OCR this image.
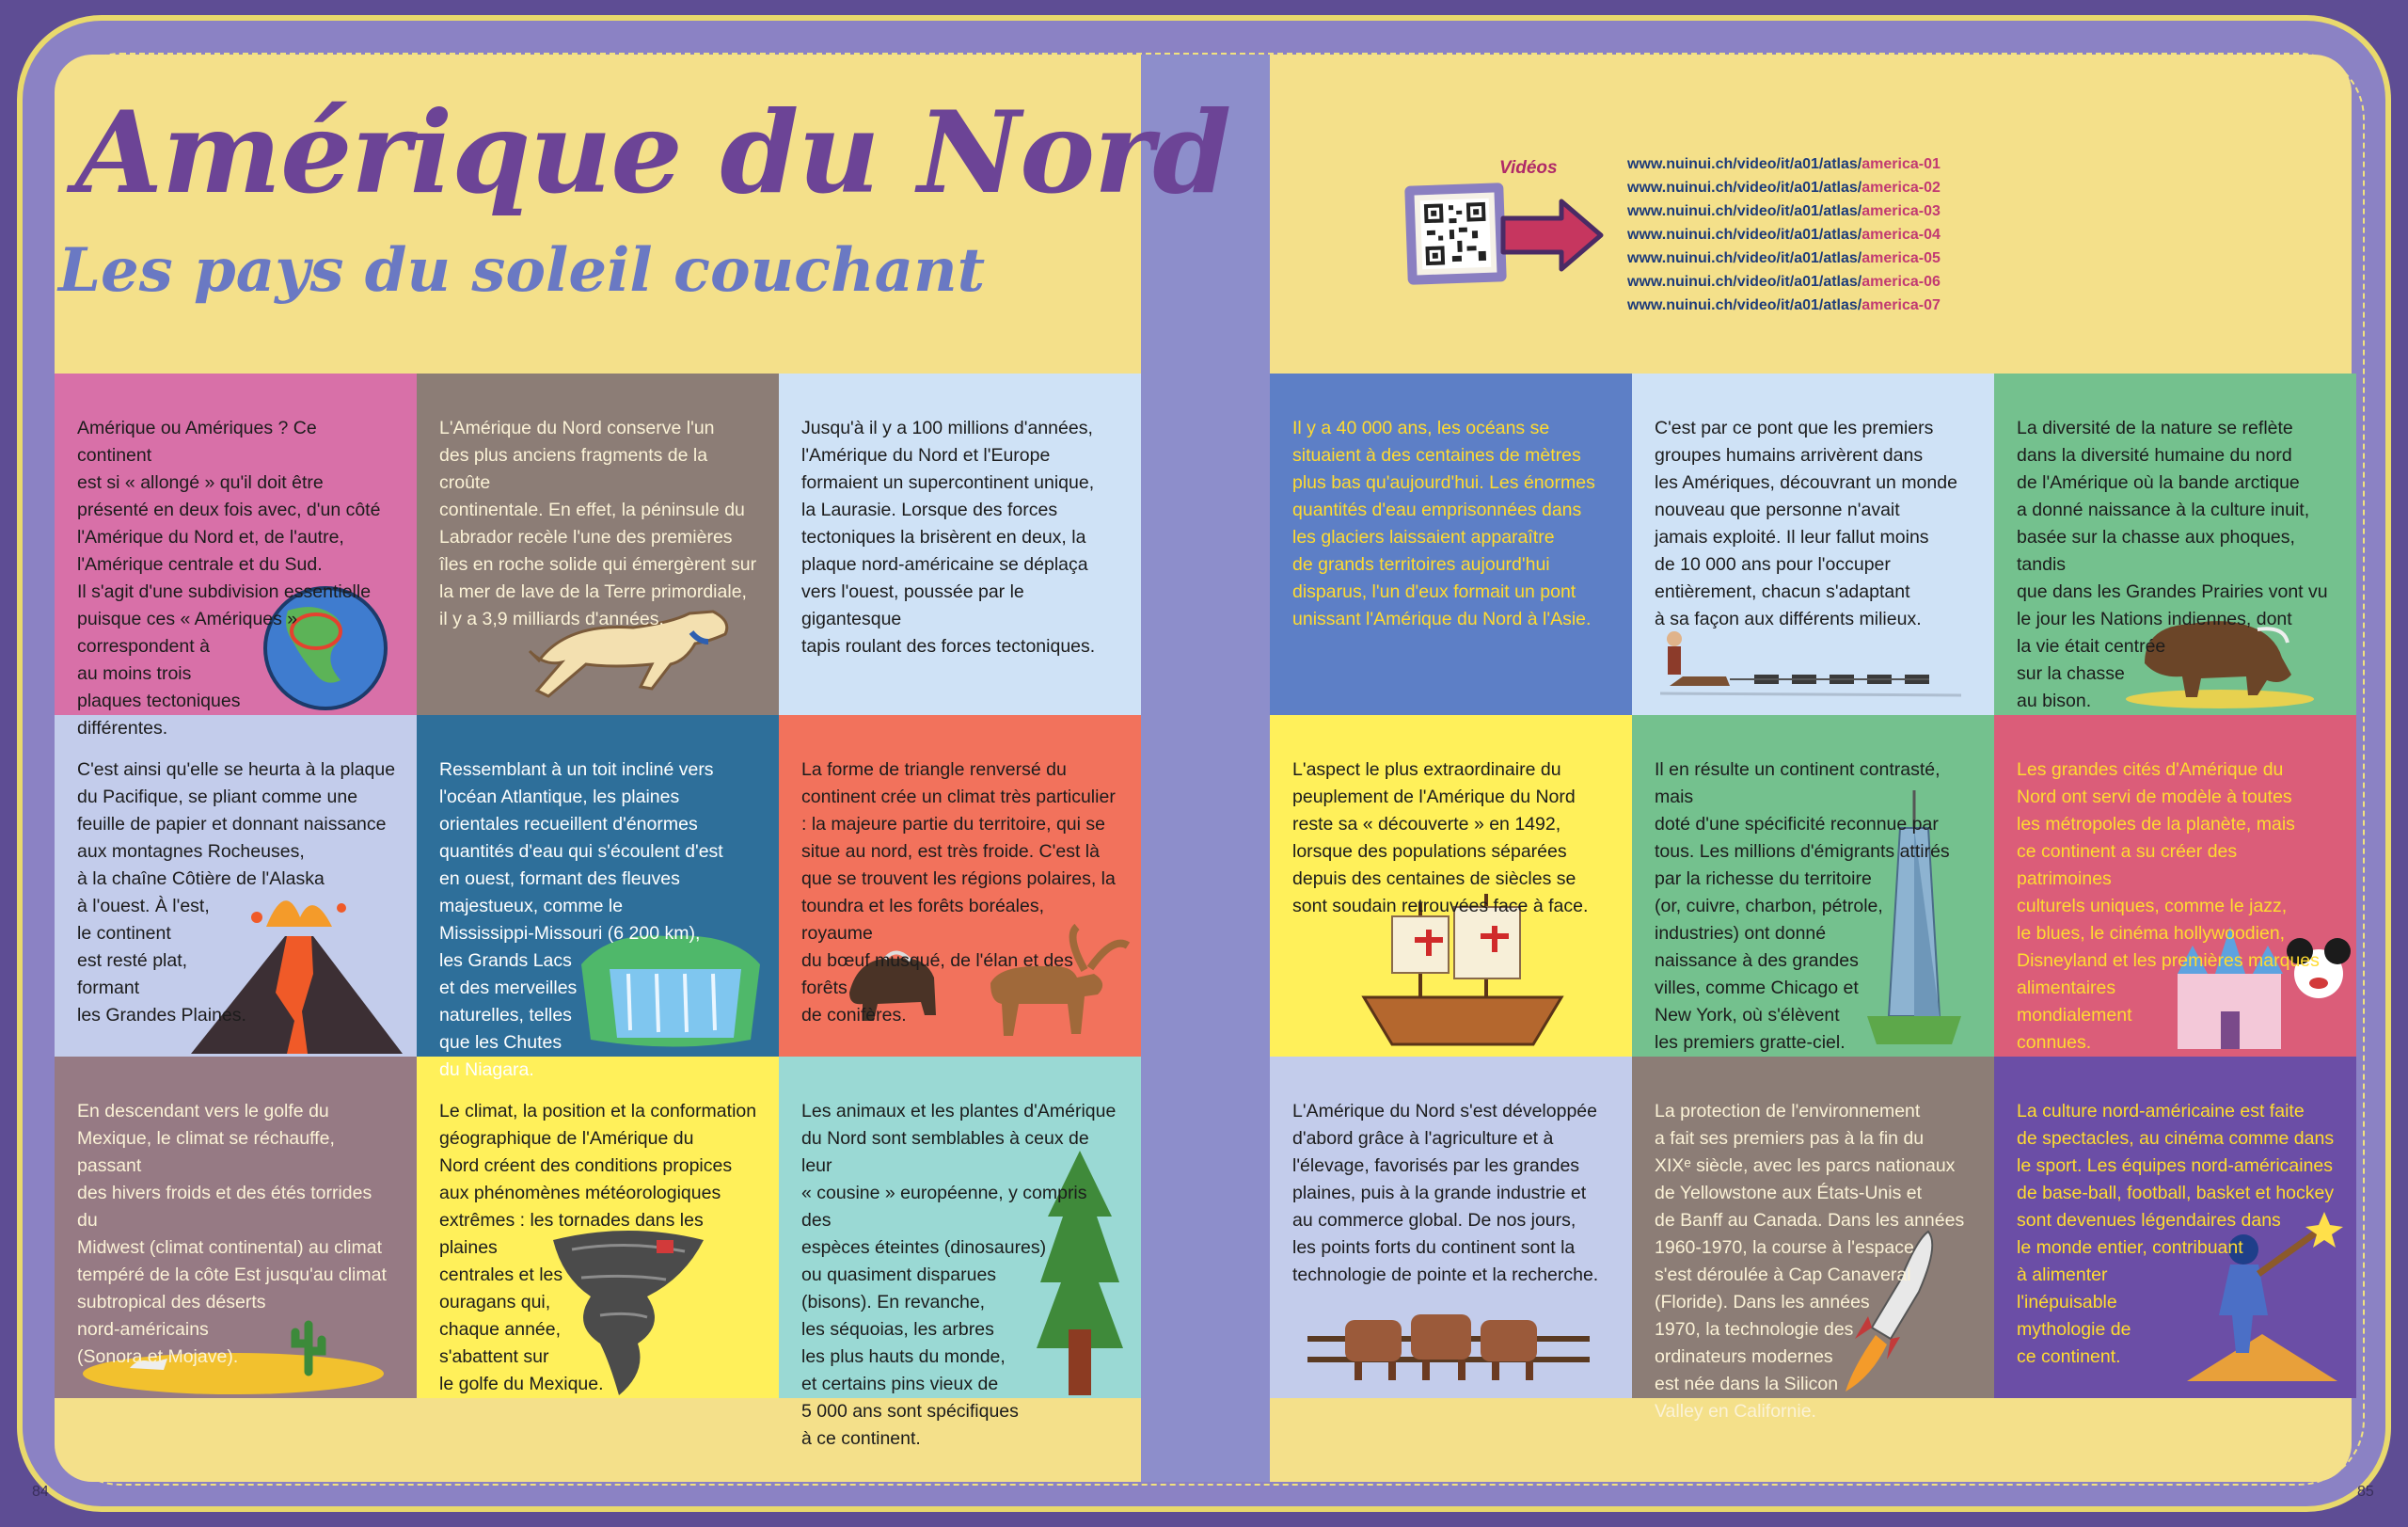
Amérique du Nord
Les pays du soleil couchant
Vidéos	www.nuinui.ch/video/it/a01/atlas/america-01
www.nuinui.ch/video/it/a01/atlas/america-02
www.nuinui.ch/video/it/a01/atlas/america-03
www.nuinui.ch/video/it/a01/atlas/america-04
www.nuinui.ch/video/it/a01/atlas/america-05
www.nuinui.ch/video/it/a01/atlas/america-06
www.nuinui.ch/video/it/a01/atlas/america-07

Amérique ou Amériques ? Ce continent
est si « allongé » qu'il doit être
présenté en deux fois avec, d'un côté
l'Amérique du Nord et, de l'autre,
l'Amérique centrale et du Sud.
Il s'agit d'une subdivision essentielle
puisque ces « Amériques »
correspondent à
au moins trois
plaques tectoniques
différentes.

L'Amérique du Nord conserve l'un
des plus anciens fragments de la croûte
continentale. En effet, la péninsule du
Labrador recèle l'une des premières
îles en roche solide qui émergèrent sur
la mer de lave de la Terre primordiale,
il y a 3,9 milliards d'années.

Jusqu'à il y a 100 millions d'années,
l'Amérique du Nord et l'Europe
formaient un supercontinent unique,
la Laurasie. Lorsque des forces
tectoniques la brisèrent en deux, la
plaque nord-américaine se déplaça
vers l'ouest, poussée par le gigantesque
tapis roulant des forces tectoniques.

Il y a 40 000 ans, les océans se
situaient à des centaines de mètres
plus bas qu'aujourd'hui. Les énormes
quantités d'eau emprisonnées dans
les glaciers laissaient apparaître
de grands territoires aujourd'hui
disparus, l'un d'eux formait un pont
unissant l'Amérique du Nord à l'Asie.

C'est par ce pont que les premiers
groupes humains arrivèrent dans
les Amériques, découvrant un monde
nouveau que personne n'avait
jamais exploité. Il leur fallut moins
de 10 000 ans pour l'occuper
entièrement, chacun s'adaptant
à sa façon aux différents milieux.

La diversité de la nature se reflète
dans la diversité humaine du nord
de l'Amérique où la bande arctique
a donné naissance à la culture inuit,
basée sur la chasse aux phoques, tandis
que dans les Grandes Prairies vont vu
le jour les Nations indiennes, dont
la vie était centrée
sur la chasse
au bison.

C'est ainsi qu'elle se heurta à la plaque
du Pacifique, se pliant comme une
feuille de papier et donnant naissance
aux montagnes Rocheuses,
à la chaîne Côtière de l'Alaska
à l'ouest. À l'est,
le continent
est resté plat,
formant
les Grandes Plaines.

Ressemblant à un toit incliné vers
l'océan Atlantique, les plaines
orientales recueillent d'énormes
quantités d'eau qui s'écoulent d'est
en ouest, formant des fleuves
majestueux, comme le
Mississippi-Missouri (6 200 km),
les Grands Lacs
et des merveilles
naturelles, telles
que les Chutes
du Niagara.

La forme de triangle renversé du
continent crée un climat très particulier
: la majeure partie du territoire, qui se
situe au nord, est très froide. C'est là
que se trouvent les régions polaires, la
toundra et les forêts boréales, royaume
du bœuf musqué, de l'élan et des forêts
de conifères.

L'aspect le plus extraordinaire du
peuplement de l'Amérique du Nord
reste sa « découverte » en 1492,
lorsque des populations séparées
depuis des centaines de siècles se
sont soudain retrouvées face à face.

Il en résulte un continent contrasté, mais
doté d'une spécificité reconnue par
tous. Les millions d'émigrants attirés
par la richesse du territoire
(or, cuivre, charbon, pétrole,
industries) ont donné
naissance à des grandes
villes, comme Chicago et
New York, où s'élèvent
les premiers gratte-ciel.

Les grandes cités d'Amérique du
Nord ont servi de modèle à toutes
les métropoles de la planète, mais
ce continent a su créer des patrimoines
culturels uniques, comme le jazz,
le blues, le cinéma hollywoodien,
Disneyland et les premières marques
alimentaires
mondialement
connues.

En descendant vers le golfe du
Mexique, le climat se réchauffe, passant
des hivers froids et des étés torrides du
Midwest (climat continental) au climat
tempéré de la côte Est jusqu'au climat
subtropical des déserts
nord-américains
(Sonora et Mojave).

Le climat, la position et la conformation
géographique de l'Amérique du
Nord créent des conditions propices
aux phénomènes météorologiques
extrêmes : les tornades dans les plaines
centrales et les
ouragans qui,
chaque année,
s'abattent sur
le golfe du Mexique.

Les animaux et les plantes d'Amérique
du Nord sont semblables à ceux de leur
« cousine » européenne, y compris des
espèces éteintes (dinosaures)
ou quasiment disparues
(bisons). En revanche,
les séquoias, les arbres
les plus hauts du monde,
et certains pins vieux de
5 000 ans sont spécifiques
à ce continent.

L'Amérique du Nord s'est développée
d'abord grâce à l'agriculture et à
l'élevage, favorisés par les grandes
plaines, puis à la grande industrie et
au commerce global. De nos jours,
les points forts du continent sont la
technologie de pointe et la recherche.

La protection de l'environnement
a fait ses premiers pas à la fin du
XIXᵉ siècle, avec les parcs nationaux
de Yellowstone aux États-Unis et
de Banff au Canada. Dans les années
1960-1970, la course à l'espace
s'est déroulée à Cap Canaveral
(Floride). Dans les années
1970, la technologie des
ordinateurs modernes
est née dans la Silicon
Valley en Californie.

La culture nord-américaine est faite
de spectacles, au cinéma comme dans
le sport. Les équipes nord-américaines
de base-ball, football, basket et hockey
sont devenues légendaires dans
le monde entier, contribuant
à alimenter
l'inépuisable
mythologie de
ce continent.

84	85
